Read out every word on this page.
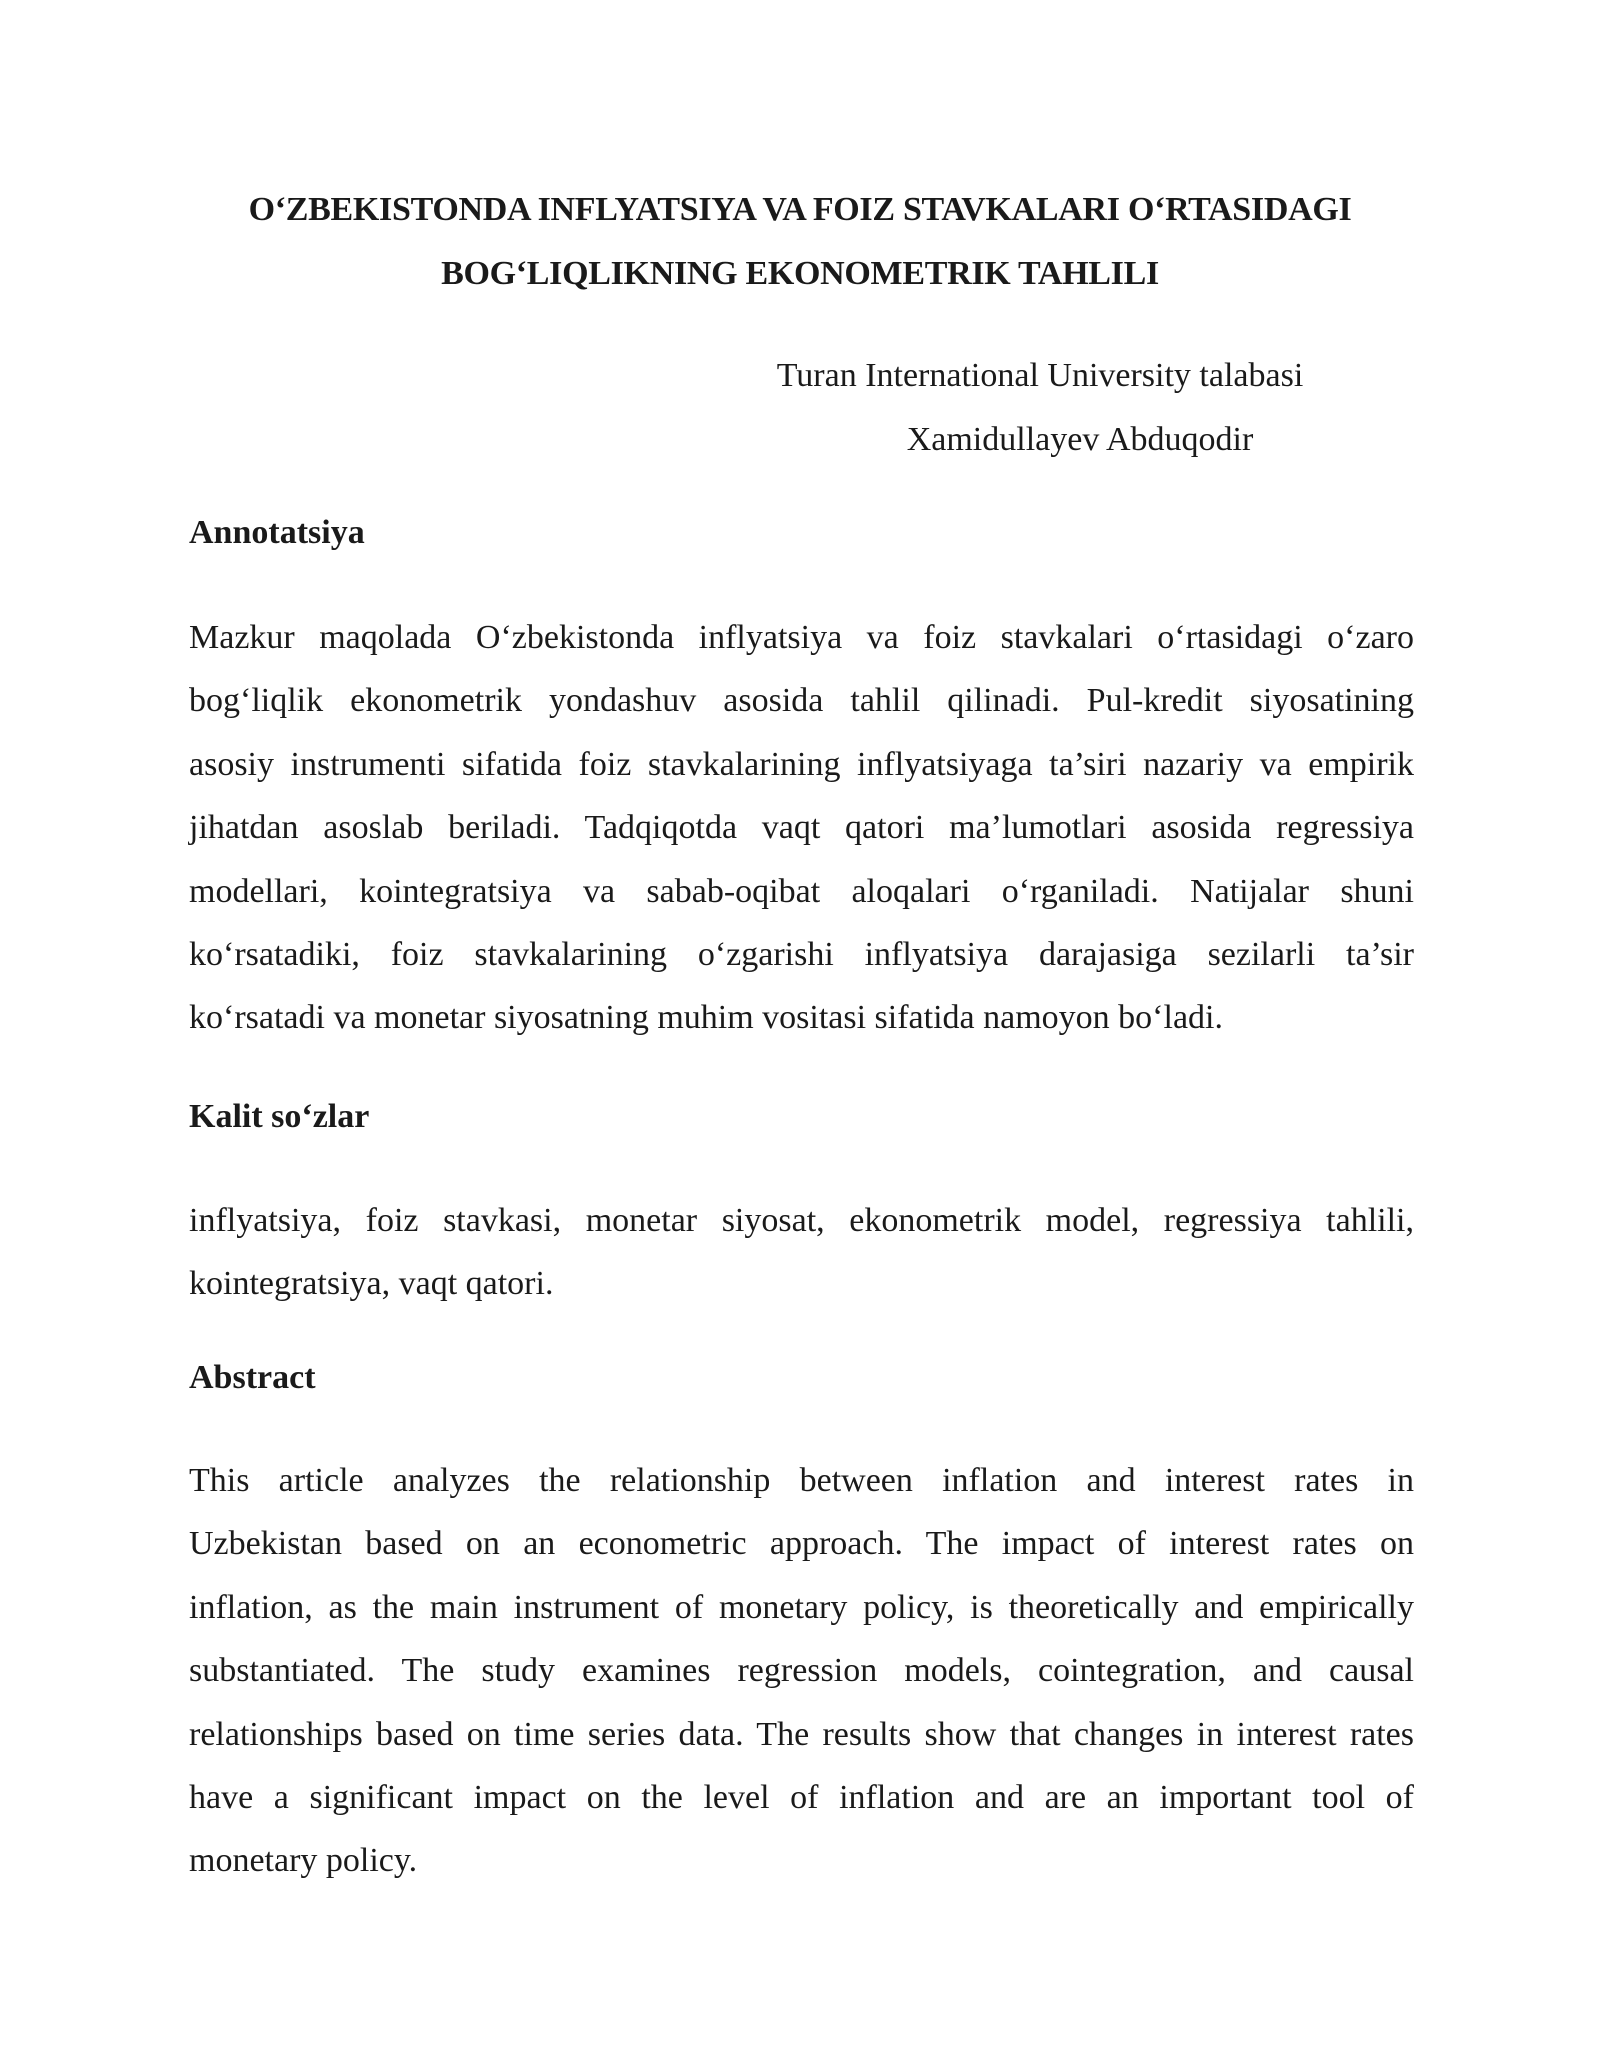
O‘ZBEKISTONDA INFLYATSIYA VA FOIZ STAVKALARI O‘RTASIDAGI
BOG‘LIQLIKNING EKONOMETRIK TAHLILI
Turan International University talabasi
Xamidullayev Abduqodir
Annotatsiya
Mazkur maqolada O‘zbekistonda inflyatsiya va foiz stavkalari o‘rtasidagi o‘zaro
bog‘liqlik ekonometrik yondashuv asosida tahlil qilinadi. Pul-kredit siyosatining
asosiy instrumenti sifatida foiz stavkalarining inflyatsiyaga ta’siri nazariy va empirik
jihatdan asoslab beriladi. Tadqiqotda vaqt qatori ma’lumotlari asosida regressiya
modellari, kointegratsiya va sabab-oqibat aloqalari o‘rganiladi. Natijalar shuni
ko‘rsatadiki, foiz stavkalarining o‘zgarishi inflyatsiya darajasiga sezilarli ta’sir
ko‘rsatadi va monetar siyosatning muhim vositasi sifatida namoyon bo‘ladi.
Kalit so‘zlar
inflyatsiya, foiz stavkasi, monetar siyosat, ekonometrik model, regressiya tahlili,
kointegratsiya, vaqt qatori.
Abstract
This article analyzes the relationship between inflation and interest rates in
Uzbekistan based on an econometric approach. The impact of interest rates on
inflation, as the main instrument of monetary policy, is theoretically and empirically
substantiated. The study examines regression models, cointegration, and causal
relationships based on time series data. The results show that changes in interest rates
have a significant impact on the level of inflation and are an important tool of
monetary policy.
